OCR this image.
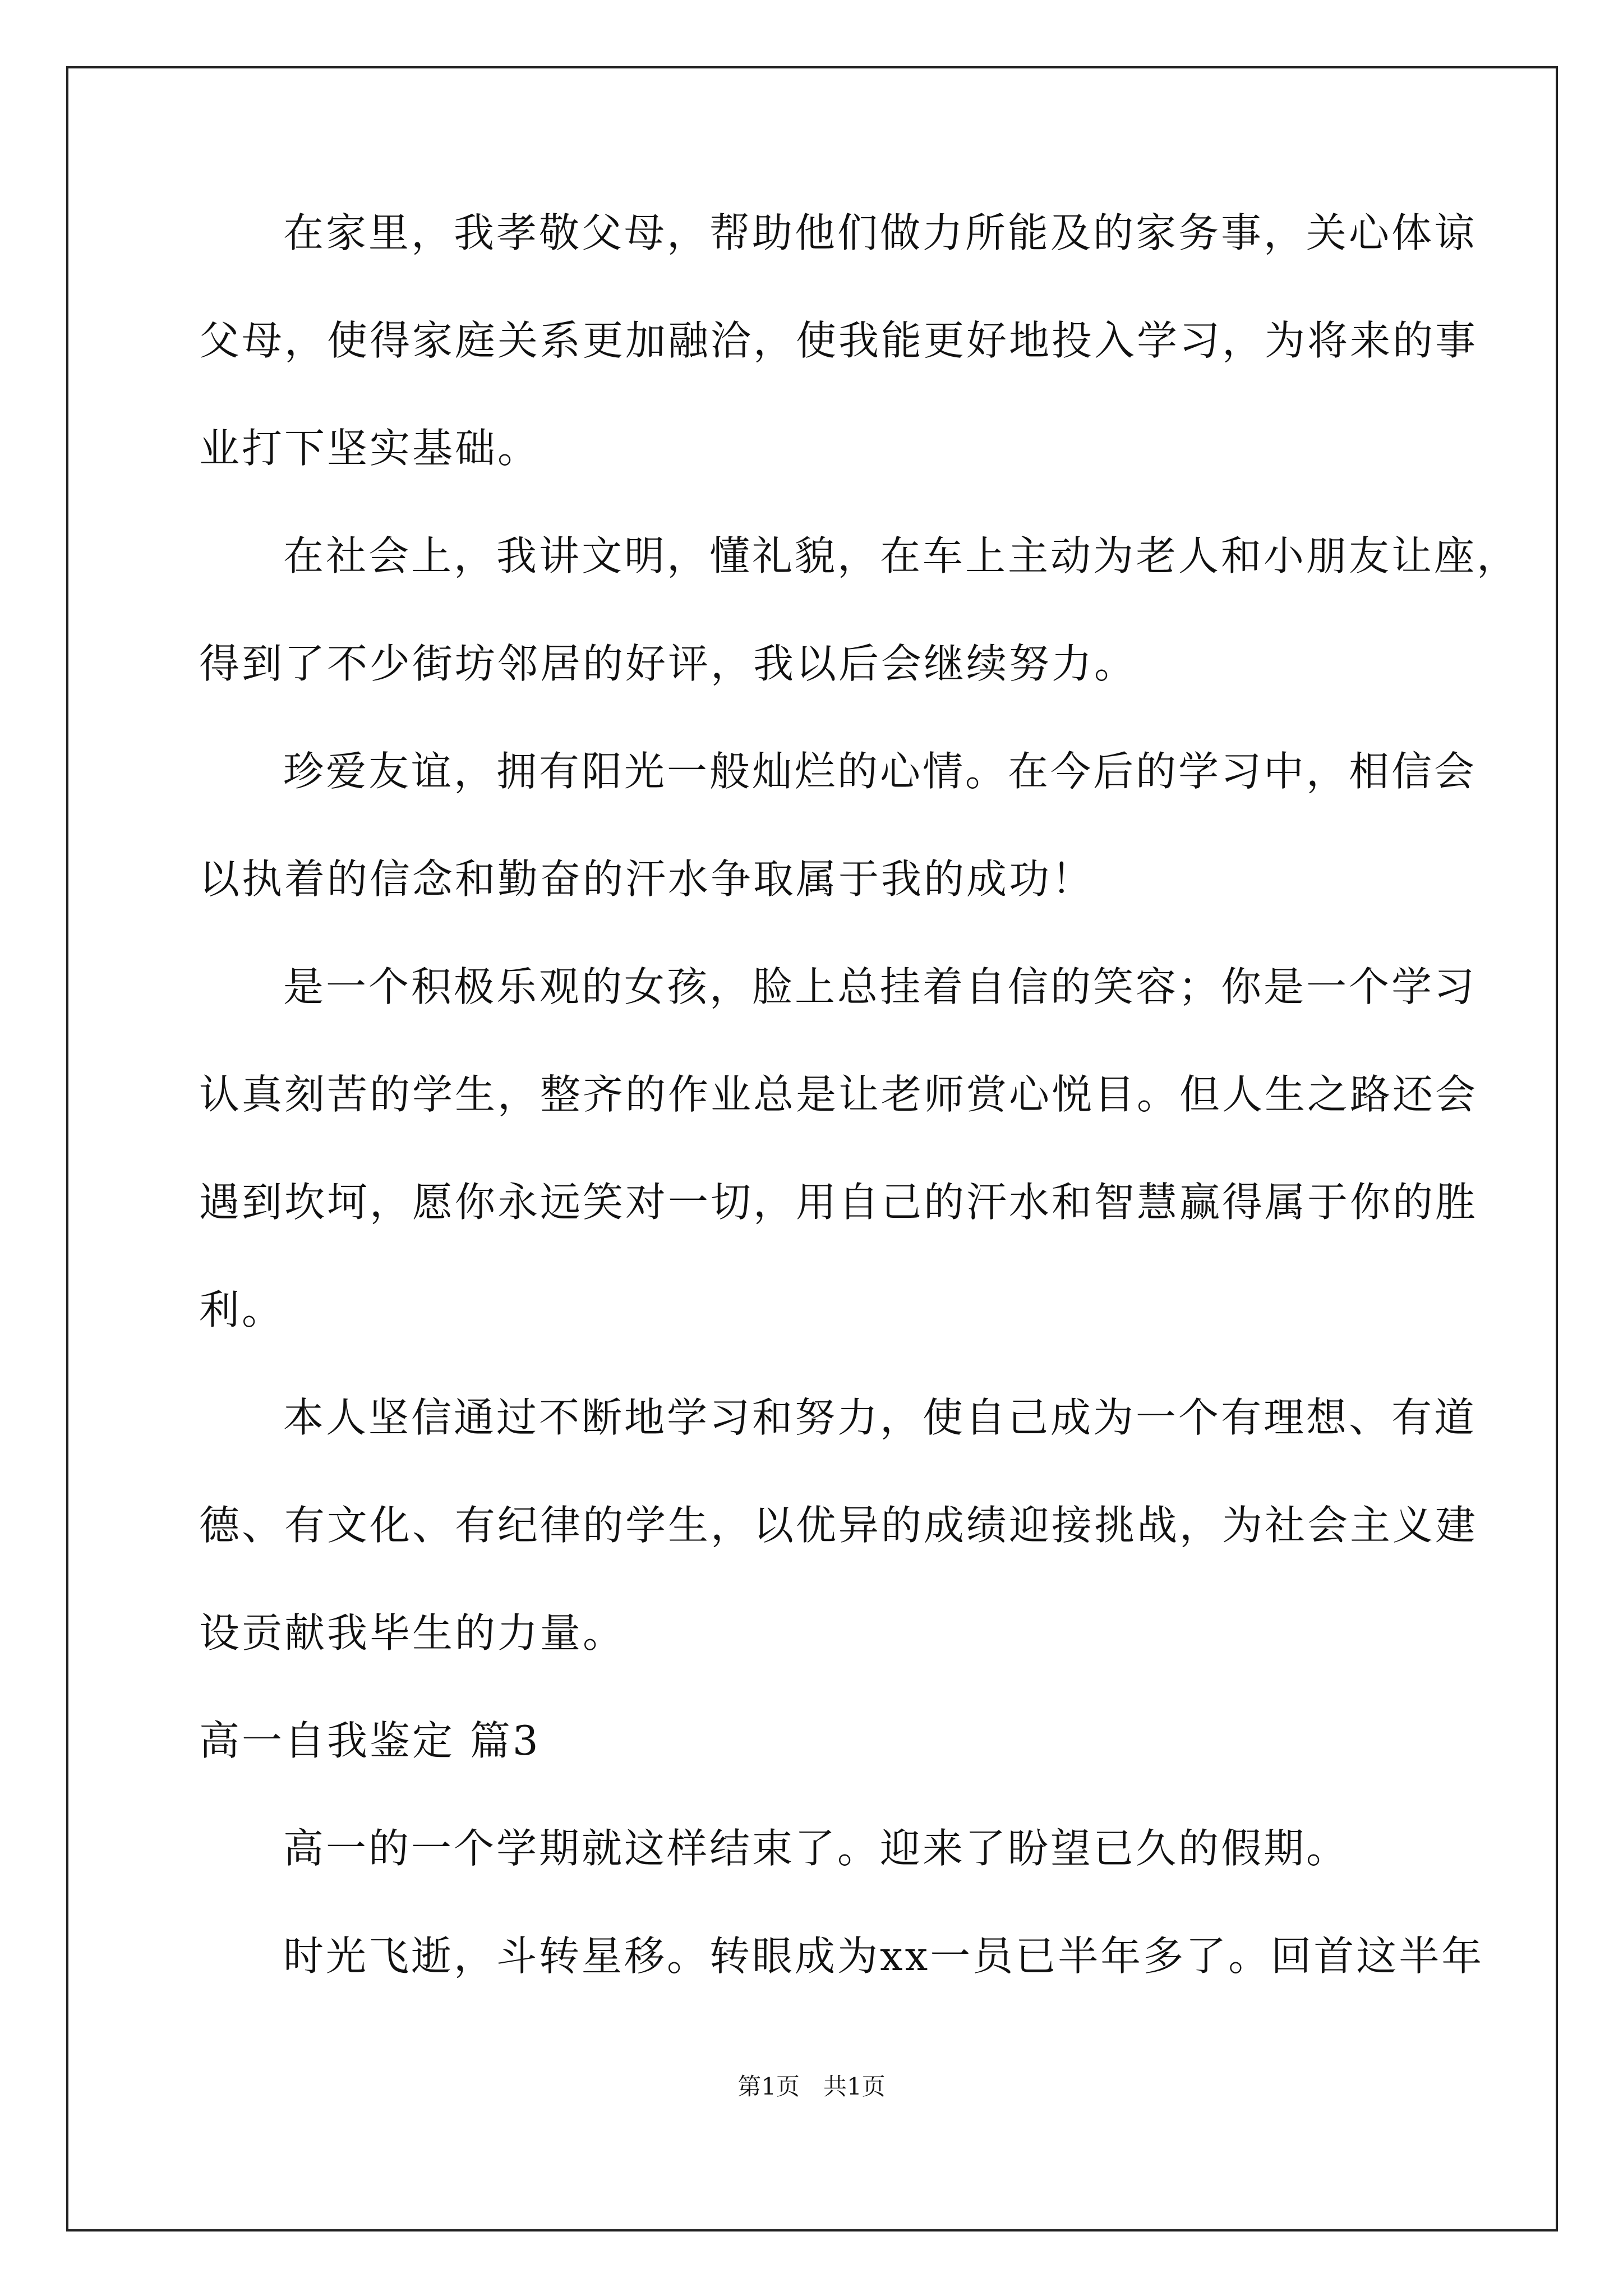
在家里，我孝敬父母，帮助他们做力所能及的家务事，关心体谅
父母，使得家庭关系更加融洽，使我能更好地投入学习，为将来的事
业打下坚实基础。
在社会上，我讲文明，懂礼貌，在车上主动为老人和小朋友让座，
得到了不少街坊邻居的好评，我以后会继续努力。
珍爱友谊，拥有阳光一般灿烂的心情。在今后的学习中，相信会
以执着的信念和勤奋的汗水争取属于我的成功！
是一个积极乐观的女孩，脸上总挂着自信的笑容；你是一个学习
认真刻苦的学生，整齐的作业总是让老师赏心悦目。但人生之路还会
遇到坎坷，愿你永远笑对一切，用自己的汗水和智慧赢得属于你的胜
利。
本人坚信通过不断地学习和努力，使自己成为一个有理想、有道
德、有文化、有纪律的学生，以优异的成绩迎接挑战，为社会主义建
设贡献我毕生的力量。
高一自我鉴定 篇3
高一的一个学期就这样结束了。迎来了盼望已久的假期。
时光飞逝，斗转星移。转眼成为xx一员已半年多了。回首这半年
第1页　共1页
